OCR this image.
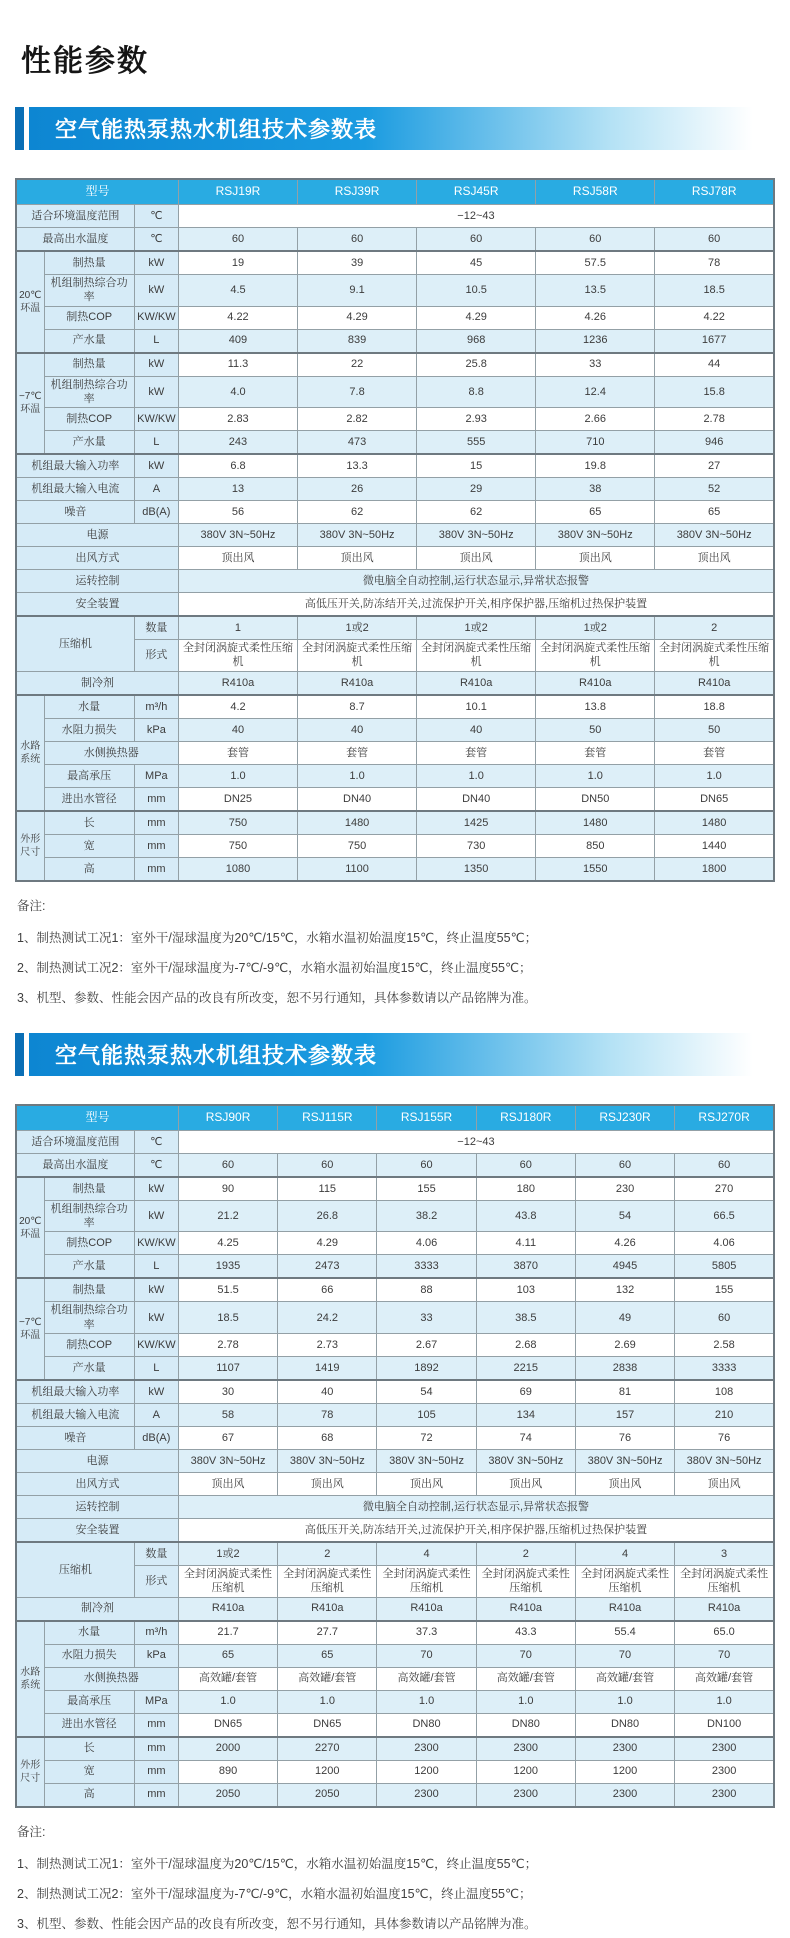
性能参数
空气能热泵热水机组技术参数表
型号			RSJ19R	RSJ39R	RSJ45R	RSJ58R	RSJ78R
适合环境温度范围		℃	−12~43				
最高出水温度		℃	60	60	60	60	60
20℃环温	制热量	kW	19	39	45	57.5	78
	机组制热综合功率	kW	4.5	9.1	10.5	13.5	18.5
	制热COP	KW/KW	4.22	4.29	4.29	4.26	4.22
	产水量	L	409	839	968	1236	1677
−7℃环温	制热量	kW	11.3	22	25.8	33	44
	机组制热综合功率	kW	4.0	7.8	8.8	12.4	15.8
	制热COP	KW/KW	2.83	2.82	2.93	2.66	2.78
	产水量	L	243	473	555	710	946
机组最大输入功率		kW	6.8	13.3	15	19.8	27
机组最大输入电流		A	13	26	29	38	52
噪音		dB(A)	56	62	62	65	65
电源			380V 3N~50Hz	380V 3N~50Hz	380V 3N~50Hz	380V 3N~50Hz	380V 3N~50Hz
出风方式			顶出风	顶出风	顶出风	顶出风	顶出风
运转控制			微电脑全自动控制,运行状态显示,异常状态报警				
安全装置			高低压开关,防冻结开关,过流保护开关,相序保护器,压缩机过热保护装置				
压缩机		数量	1	1或2	1或2	1或2	2
		形式	全封闭涡旋式柔性压缩机	全封闭涡旋式柔性压缩机	全封闭涡旋式柔性压缩机	全封闭涡旋式柔性压缩机	全封闭涡旋式柔性压缩机
制冷剂			R410a	R410a	R410a	R410a	R410a
水路系统	水量	m³/h	4.2	8.7	10.1	13.8	18.8
	水阻力损失	kPa	40	40	40	50	50
	水侧换热器		套管	套管	套管	套管	套管
	最高承压	MPa	1.0	1.0	1.0	1.0	1.0
	进出水管径	mm	DN25	DN40	DN40	DN50	DN65
外形尺寸	长	mm	750	1480	1425	1480	1480
	宽	mm	750	750	730	850	1440
	高	mm	1080	1100	1350	1550	1800
备注:
1、制热测试工况1：室外干/湿球温度为20℃/15℃，水箱水温初始温度15℃，终止温度55℃；
2、制热测试工况2：室外干/湿球温度为-7℃/-9℃，水箱水温初始温度15℃，终止温度55℃；
3、机型、参数、性能会因产品的改良有所改变，恕不另行通知，具体参数请以产品铭牌为准。
空气能热泵热水机组技术参数表
型号			RSJ90R	RSJ115R	RSJ155R	RSJ180R	RSJ230R	RSJ270R
适合环境温度范围		℃	−12~43					
最高出水温度		℃	60	60	60	60	60	60
20℃环温	制热量	kW	90	115	155	180	230	270
	机组制热综合功率	kW	21.2	26.8	38.2	43.8	54	66.5
	制热COP	KW/KW	4.25	4.29	4.06	4.11	4.26	4.06
	产水量	L	1935	2473	3333	3870	4945	5805
−7℃环温	制热量	kW	51.5	66	88	103	132	155
	机组制热综合功率	kW	18.5	24.2	33	38.5	49	60
	制热COP	KW/KW	2.78	2.73	2.67	2.68	2.69	2.58
	产水量	L	1107	1419	1892	2215	2838	3333
机组最大输入功率		kW	30	40	54	69	81	108
机组最大输入电流		A	58	78	105	134	157	210
噪音		dB(A)	67	68	72	74	76	76
电源			380V 3N~50Hz	380V 3N~50Hz	380V 3N~50Hz	380V 3N~50Hz	380V 3N~50Hz	380V 3N~50Hz
出风方式			顶出风	顶出风	顶出风	顶出风	顶出风	顶出风
运转控制			微电脑全自动控制,运行状态显示,异常状态报警					
安全装置			高低压开关,防冻结开关,过流保护开关,相序保护器,压缩机过热保护装置					
压缩机		数量	1或2	2	4	2	4	3
		形式	全封闭涡旋式柔性压缩机	全封闭涡旋式柔性压缩机	全封闭涡旋式柔性压缩机	全封闭涡旋式柔性压缩机	全封闭涡旋式柔性压缩机	全封闭涡旋式柔性压缩机
制冷剂			R410a	R410a	R410a	R410a	R410a	R410a
水路系统	水量	m³/h	21.7	27.7	37.3	43.3	55.4	65.0
	水阻力损失	kPa	65	65	70	70	70	70
	水侧换热器		高效罐/套管	高效罐/套管	高效罐/套管	高效罐/套管	高效罐/套管	高效罐/套管
	最高承压	MPa	1.0	1.0	1.0	1.0	1.0	1.0
	进出水管径	mm	DN65	DN65	DN80	DN80	DN80	DN100
外形尺寸	长	mm	2000	2270	2300	2300	2300	2300
	宽	mm	890	1200	1200	1200	1200	2300
	高	mm	2050	2050	2300	2300	2300	2300
备注:
1、制热测试工况1：室外干/湿球温度为20℃/15℃，水箱水温初始温度15℃，终止温度55℃；
2、制热测试工况2：室外干/湿球温度为-7℃/-9℃，水箱水温初始温度15℃，终止温度55℃；
3、机型、参数、性能会因产品的改良有所改变，恕不另行通知，具体参数请以产品铭牌为准。
